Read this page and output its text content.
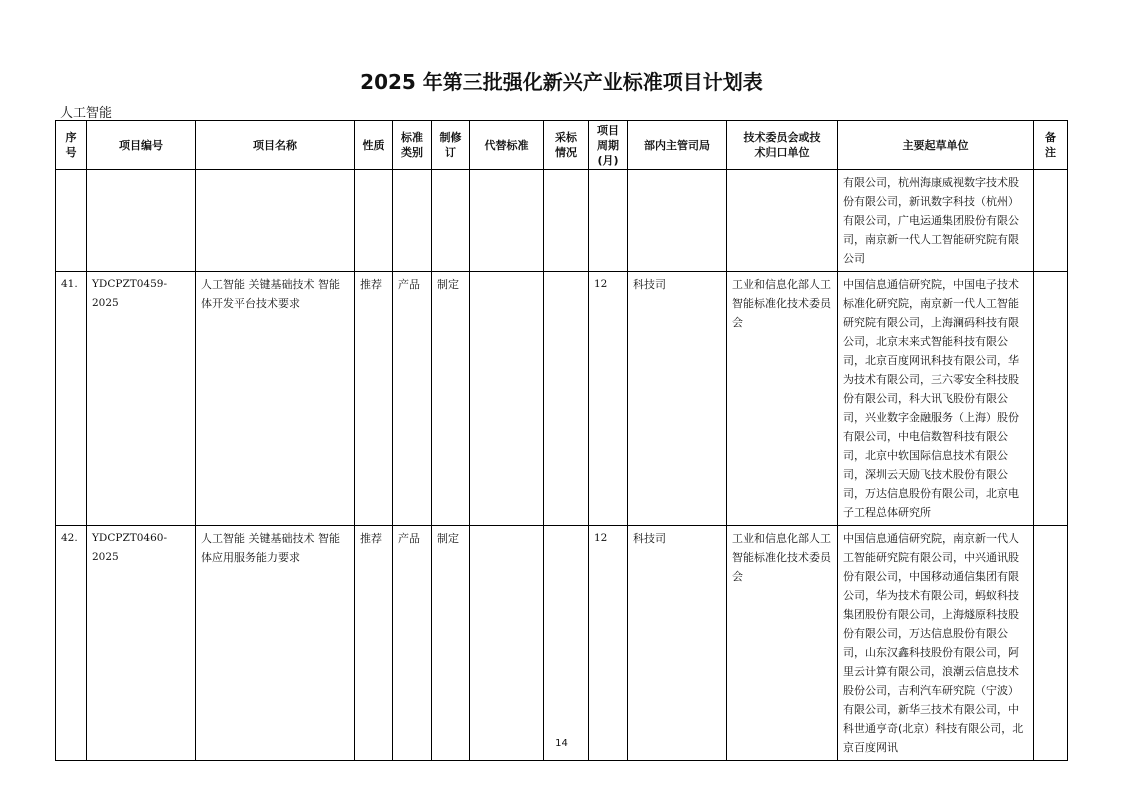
2025 年第三批强化新兴产业标准项目计划表
人工智能
序号	项目编号	项目名称	性质	标准类别	制修订	代替标准	采标情况	项目周期(月)	部内主管司局	技术委员会或技术归口单位	主要起草单位	备注
											有限公司，杭州海康威视数字技术股份有限公司，新讯数字科技（杭州）有限公司，广电运通集团股份有限公司，南京新一代人工智能研究院有限公司	
41.	YDCPZT0459-2025	人工智能 关键基础技术 智能体开发平台技术要求	推荐	产品	制定			12	科技司	工业和信息化部人工智能标准化技术委员会	中国信息通信研究院，中国电子技术标准化研究院，南京新一代人工智能研究院有限公司，上海澜码科技有限公司，北京末来式智能科技有限公司，北京百度网讯科技有限公司，华为技术有限公司，三六零安全科技股份有限公司，科大讯飞股份有限公司，兴业数字金融服务（上海）股份有限公司，中电信数智科技有限公司，北京中软国际信息技术有限公司，深圳云天励飞技术股份有限公司，万达信息股份有限公司，北京电子工程总体研究所	
42.	YDCPZT0460-2025	人工智能 关键基础技术 智能体应用服务能力要求	推荐	产品	制定			12	科技司	工业和信息化部人工智能标准化技术委员会	中国信息通信研究院，南京新一代人工智能研究院有限公司，中兴通讯股份有限公司，中国移动通信集团有限公司，华为技术有限公司，蚂蚁科技集团股份有限公司，上海燧原科技股份有限公司，万达信息股份有限公司，山东汉鑫科技股份有限公司，阿里云计算有限公司，浪潮云信息技术股份公司，吉利汽车研究院（宁波）有限公司，新华三技术有限公司，中科世通亨奇(北京）科技有限公司，北京百度网讯	
14
